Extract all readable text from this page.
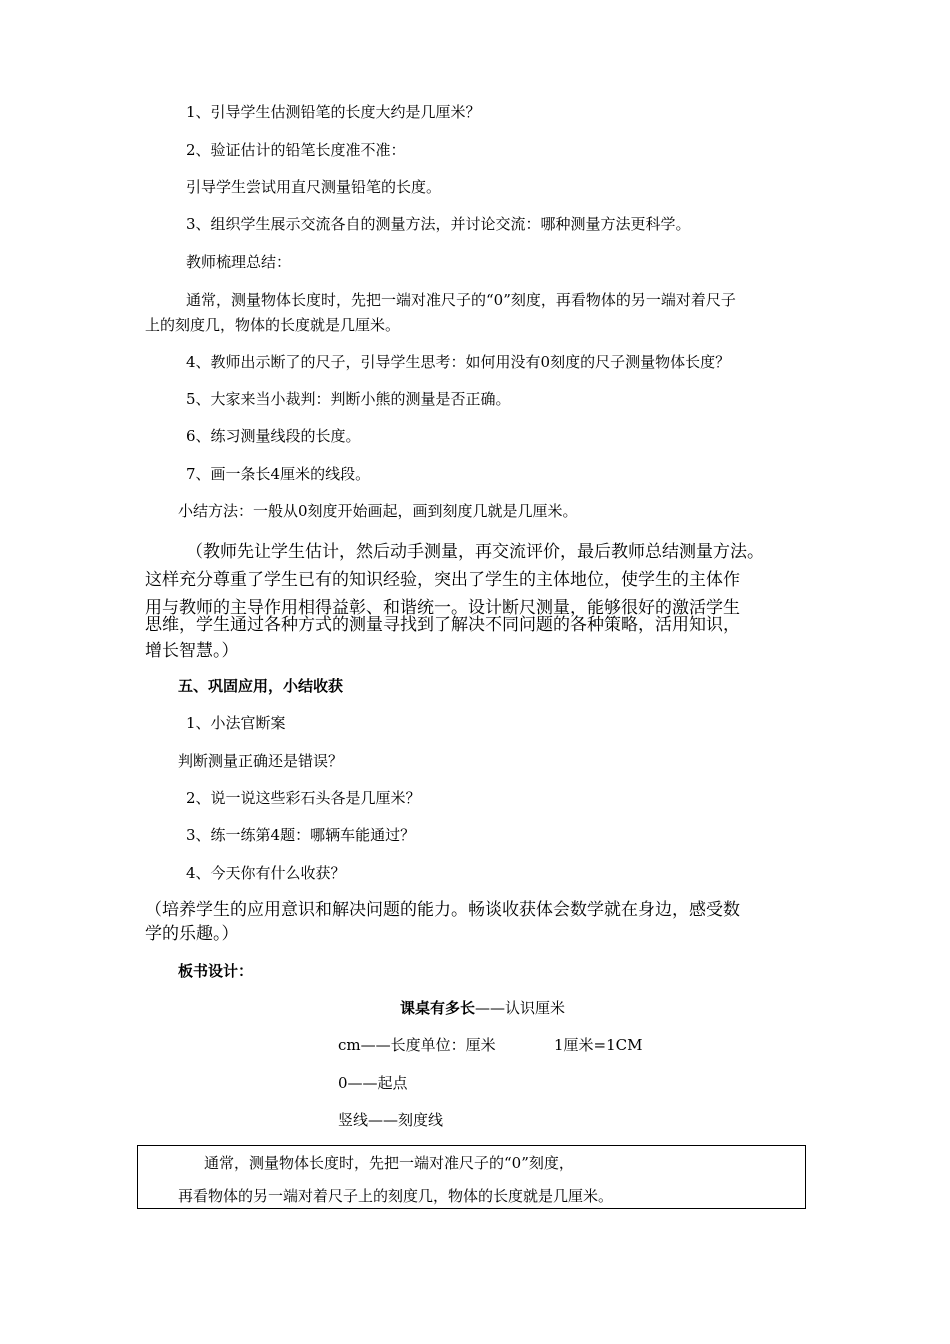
1、引导学生估测铅笔的长度大约是几厘米？
2、验证估计的铅笔长度准不准：
引导学生尝试用直尺测量铅笔的长度。
3、组织学生展示交流各自的测量方法，并讨论交流：哪种测量方法更科学。
教师梳理总结：
通常，测量物体长度时，先把一端对准尺子的“0”刻度，再看物体的另一端对着尺子
上的刻度几，物体的长度就是几厘米。
4、教师出示断了的尺子，引导学生思考：如何用没有0刻度的尺子测量物体长度？
5、大家来当小裁判：判断小熊的测量是否正确。
6、练习测量线段的长度。
7、画一条长4厘米的线段。
小结方法：一般从0刻度开始画起，画到刻度几就是几厘米。
（教师先让学生估计，然后动手测量，再交流评价，最后教师总结测量方法。
这样充分尊重了学生已有的知识经验，突出了学生的主体地位，使学生的主体作
用与教师的主导作用相得益彰、和谐统一。设计断尺测量，能够很好的激活学生
思维，学生通过各种方式的测量寻找到了解决不同问题的各种策略，活用知识，
增长智慧。）
五、巩固应用，小结收获
1、小法官断案
判断测量正确还是错误？
2、说一说这些彩石头各是几厘米？
3、练一练第4题：哪辆车能通过？
4、今天你有什么收获？
（培养学生的应用意识和解决问题的能力。畅谈收获体会数学就在身边，感受数
学的乐趣。）
板书设计：
课桌有多长——认识厘米
cm——长度单位：厘米	1厘米=1CM
0——起点
竖线——刻度线
通常，测量物体长度时，先把一端对准尺子的“0”刻度，
再看物体的另一端对着尺子上的刻度几，物体的长度就是几厘米。
